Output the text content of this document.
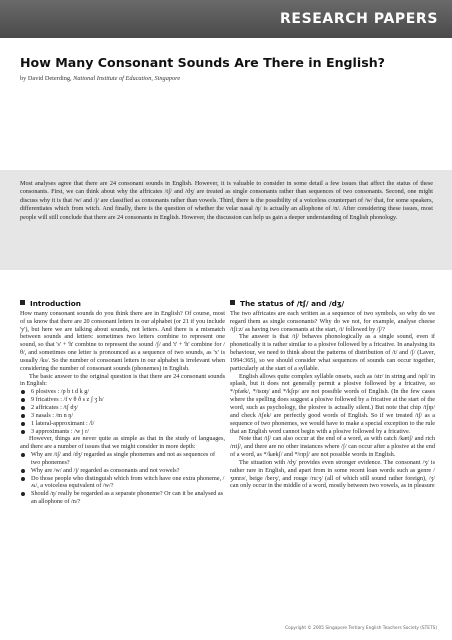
RESEARCH PAPERS
How Many Consonant Sounds Are There in English?
by David Deterding, National Institute of Education, Singapore

Most analyses agree that there are 24 consonant sounds in English. However, it is valuable to consider in some detail a few issues that affect the status of these consonants. First, we can think about why the affricates /tʃ/ and /dʒ/ are treated as single consonants rather than sequences of two consonants. Second, one might discuss why it is that /w/ and /j/ are classified as consonants rather than vowels. Third, there is the possibility of a voiceless counterpart of /w/ that, for some speakers, differentiates which from witch. And finally, there is the question of whether the velar nasal /ŋ/ is actually an allophone of /n/. After considering these issues, most people will still conclude that there are 24 consonants in English. However, the discussion can help us gain a deeper understanding of English phonology.

Introduction

How many consonant sounds do you think there are in English? Of course, most of us know that there are 20 consonant letters in our alphabet (or 21 if you include 'y'), but here we are talking about sounds, not letters. And there is a mismatch between sounds and letters: sometimes two letters combine to represent one sound, so that 's' + 'h' combine to represent the sound /ʃ/ and 't' + 'h' combine for /θ/, and sometimes one letter is pronounced as a sequence of two sounds, as 'x' is usually /ks/. So the number of consonant letters in our alphabet is irrelevant when considering the number of consonant sounds (phonemes) in English.

The basic answer to the original question is that there are 24 consonant sounds in English:

6 plosives : /p b t d k g/
9 fricatives : /f v θ ð s z ʃ ʒ h/
2 affricates : /tʃ dʒ/
3 nasals : /m n ŋ/
1 lateral-approximant : /l/
3 approximants : /w j r/

However, things are never quite as simple as that in the study of languages, and there are a number of issues that we might consider in more depth:

Why are /tʃ/ and /dʒ/ regarded as single phonemes and not as sequences of two phonemes?
Why are /w/ and /j/ regarded as consonants and not vowels?
Do those people who distinguish which from witch have one extra phoneme, /ʍ/, a voiceless equivalent of /w/?
Should /ŋ/ really be regarded as a separate phoneme? Or can it be analysed as an allophone of /n/?
The status of /tʃ/ and /dʒ/

The two affricates are each written as a sequence of two symbols, so why do we regard them as single consonants? Why do we not, for example, analyse cheese /tʃiːz/ as having two consonants at the start, /t/ followed by /ʃ/?

The answer is that /tʃ/ behaves phonologically as a single sound, even if phonetically it is rather similar to a plosive followed by a fricative. In analysing its behaviour, we need to think about the patterns of distribution of /t/ and /ʃ/ (Laver, 1994:365), so we should consider what sequences of sounds can occur together, particularly at the start of a syllable.

English allows quite complex syllable onsets, such as /str/ in string and /spl/ in splash, but it does not generally permit a plosive followed by a fricative, so */pfæk/, */tsɒŋ/ and */kʃɪp/ are not possible words of English. (In the few cases where the spelling does suggest a plosive followed by a fricative at the start of the word, such as psychology, the plosive is actually silent.) But note that chip /tʃɪp/ and check /tʃek/ are perfectly good words of English. So if we treated /tʃ/ as a sequence of two phonemes, we would have to make a special exception to the rule that an English word cannot begin with a plosive followed by a fricative.

Note that /tʃ/ can also occur at the end of a word, as with catch /kætʃ/ and rich /rɪtʃ/, and there are no other instances where /ʃ/ can occur after a plosive at the end of a word, as */kækʃ/ and */rɪpʃ/ are not possible words in English.

The situation with /dʒ/ provides even stronger evidence. The consonant /ʒ/ is rather rare in English, and apart from in some recent loan words such as genre /ʒɒnrə/, beige /beɪʒ/, and rouge /ruːʒ/ (all of which still sound rather foreign), /ʒ/ can only occur in the middle of a word, mostly between two vowels, as in pleasure

Copyright © 2005 Singapore Tertiary English Teachers Society (STETS)
